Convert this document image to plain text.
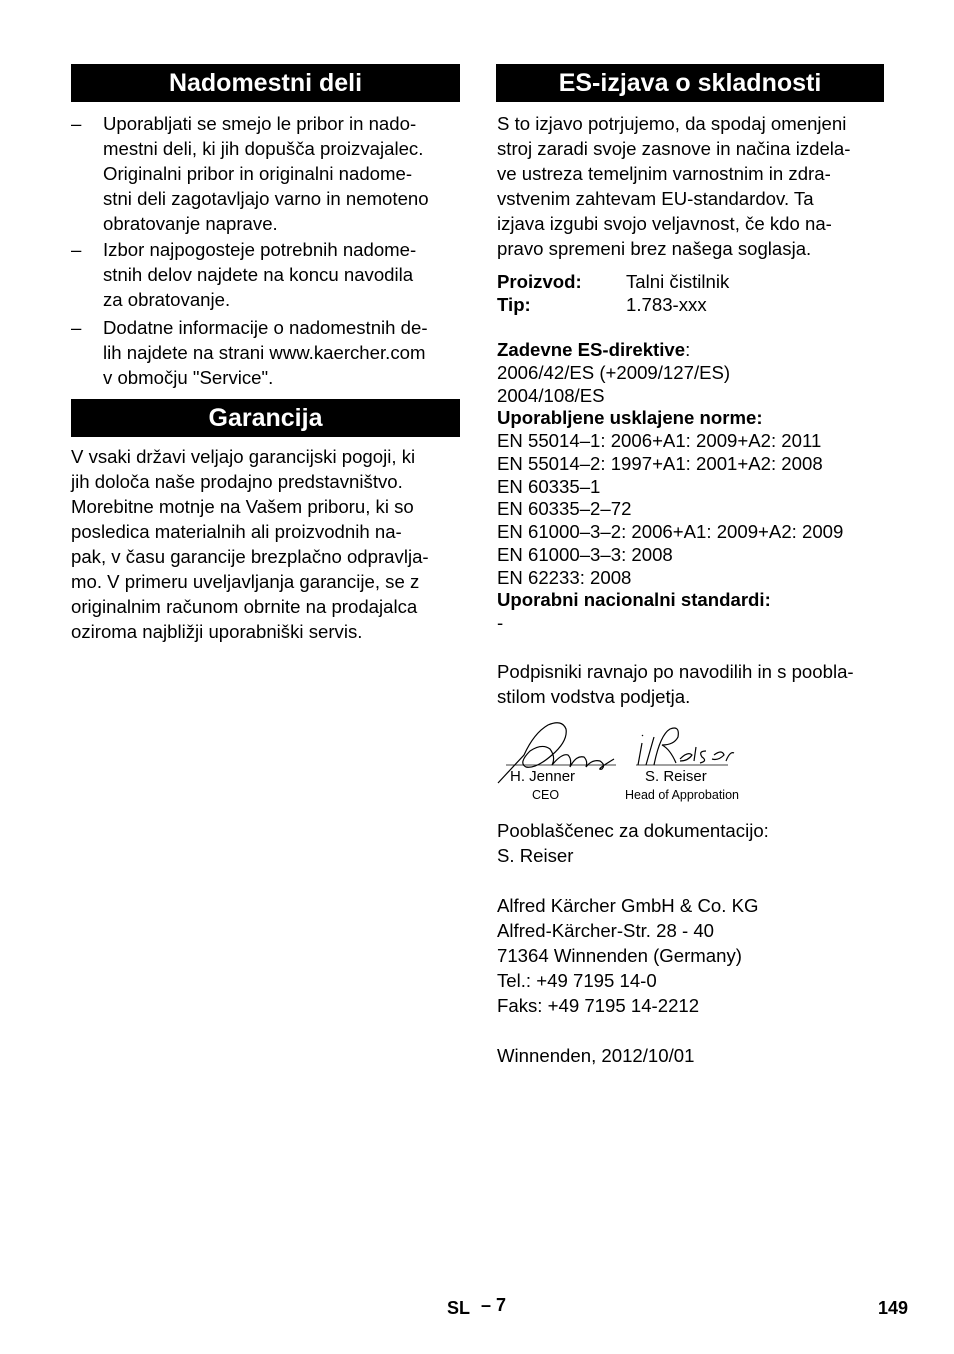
Nadomestni deli
– Uporabljati se smejo le pribor in nado-
mestni deli, ki jih dopušča proizvajalec.
Originalni pribor in originalni nadome-
stni deli zagotavljajo varno in nemoteno
obratovanje naprave.
– Izbor najpogosteje potrebnih nadome-
stnih delov najdete na koncu navodila
za obratovanje.
– Dodatne informacije o nadomestnih de-
lih najdete na strani www.kaercher.com
v območju "Service".
Garancija
V vsaki državi veljajo garancijski pogoji, ki
jih določa naše prodajno predstavništvo.
Morebitne motnje na Vašem priboru, ki so
posledica materialnih ali proizvodnih na-
pak, v času garancije brezplačno odpravlja-
mo. V primeru uveljavljanja garancije, se z
originalnim računom obrnite na prodajalca
oziroma najbližji uporabniški servis.
ES-izjava o skladnosti
S to izjavo potrjujemo, da spodaj omenjeni
stroj zaradi svoje zasnove in načina izdela-
ve ustreza temeljnim varnostnim in zdra-
vstvenim zahtevam EU-standardov. Ta
izjava izgubi svojo veljavnost, če kdo na-
pravo spremeni brez našega soglasja.
Proizvod: Talni čistilnik
Tip:	1.783-xxx
Zadevne ES-direktive:
2006/42/ES (+2009/127/ES)
2004/108/ES
Uporabljene usklajene norme:
EN 55014–1: 2006+A1: 2009+A2: 2011
EN 55014–2: 1997+A1: 2001+A2: 2008
EN 60335–1
EN 60335–2–72
EN 61000–3–2: 2006+A1: 2009+A2: 2009
EN 61000–3–3: 2008
EN 62233: 2008
Uporabni nacionalni standardi:
-
Podpisniki ravnajo po navodilih in s poobla-
stilom vodstva podjetja.
H. Jenner
CEO
S. Reiser
Head of Approbation
Pooblaščenec za dokumentacijo:
S. Reiser
Alfred Kärcher GmbH & Co. KG
Alfred-Kärcher-Str. 28 - 40
71364 Winnenden (Germany)
Tel.: +49 7195 14-0
Faks: +49 7195 14-2212
Winnenden, 2012/10/01
SL – 7	149
